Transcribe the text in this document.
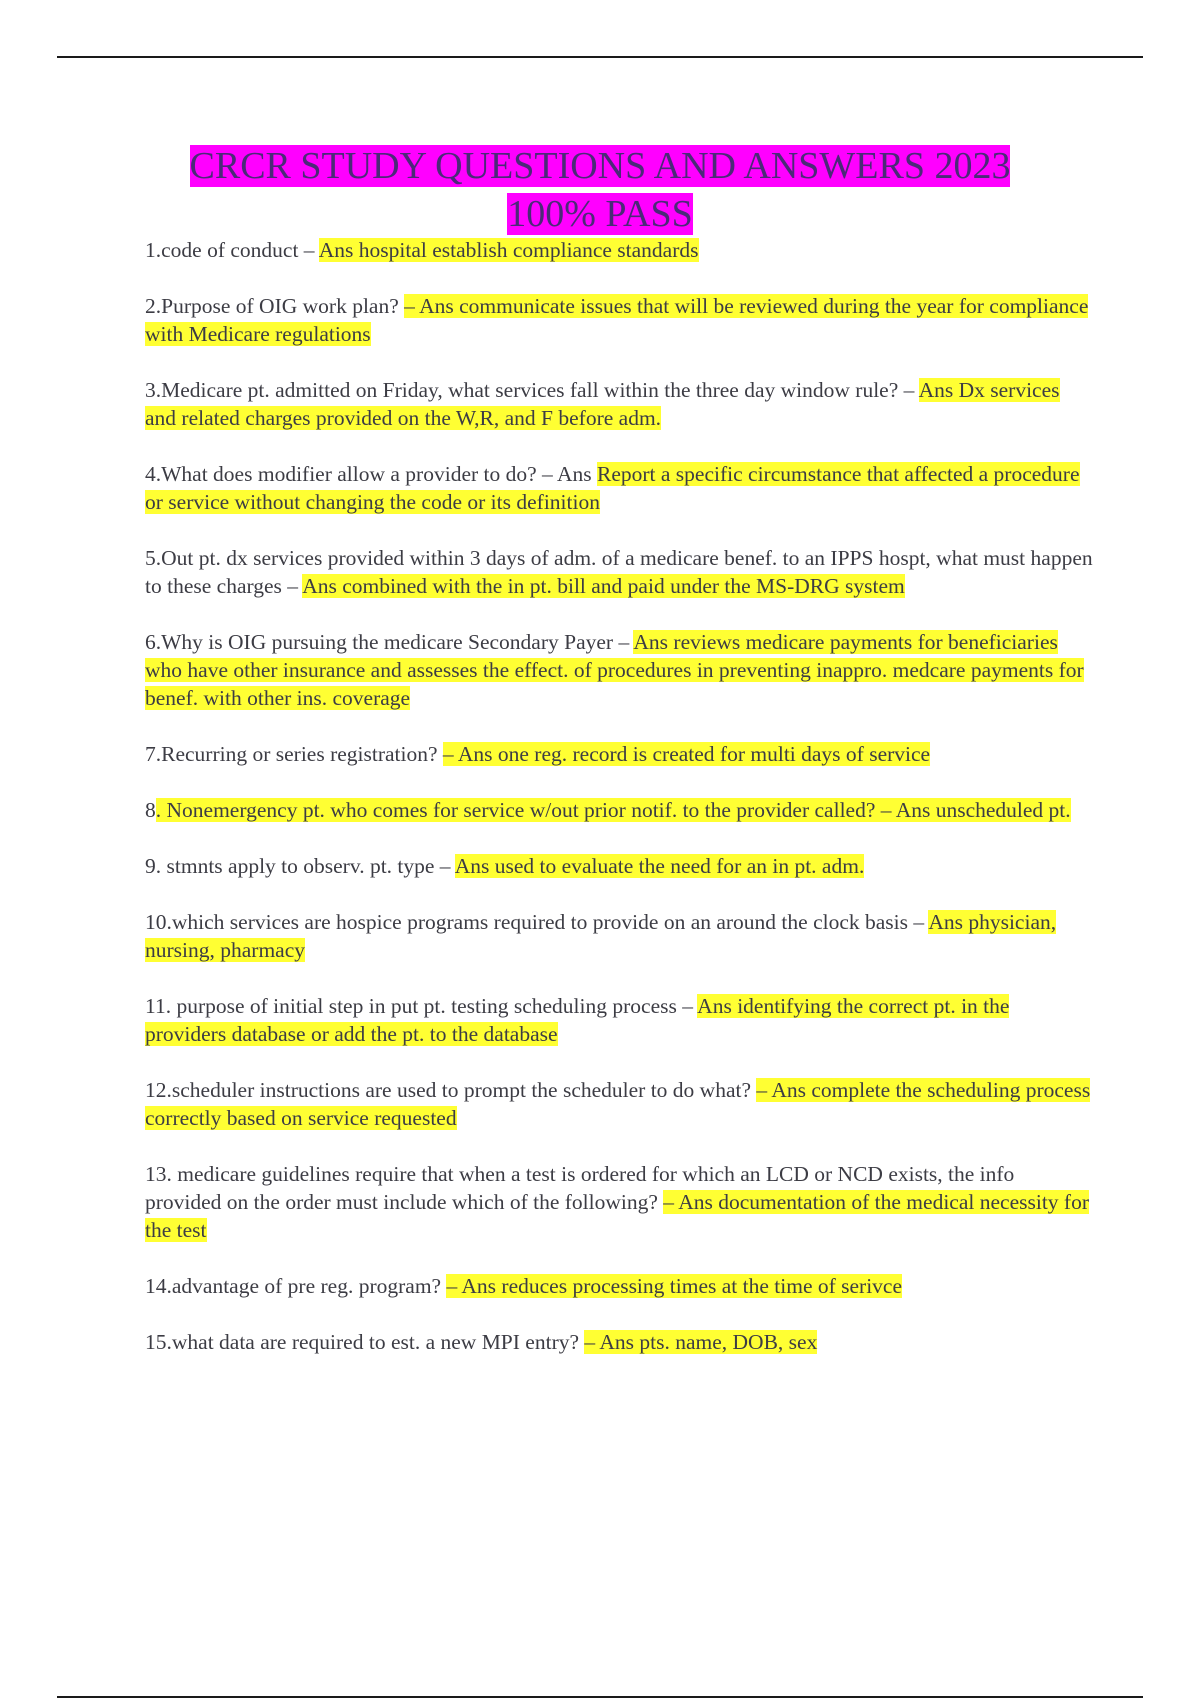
CRCR STUDY QUESTIONS AND ANSWERS 2023
100% PASS

1.code of conduct – Ans hospital establish compliance standards

2.Purpose of OIG work plan? – Ans communicate issues that will be reviewed during the year for compliance with Medicare regulations

3.Medicare pt. admitted on Friday, what services fall within the three day window rule? – Ans Dx services and related charges provided on the W,R, and F before adm.

4.What does modifier allow a provider to do? – Ans Report a specific circumstance that affected a procedure or service without changing the code or its definition

5.Out pt. dx services provided within 3 days of adm. of a medicare benef. to an IPPS hospt, what must happen to these charges – Ans combined with the in pt. bill and paid under the MS-DRG system

6.Why is OIG pursuing the medicare Secondary Payer – Ans reviews medicare payments for beneficiaries who have other insurance and assesses the effect. of procedures in preventing inappro. medcare payments for benef. with other ins. coverage

7.Recurring or series registration? – Ans one reg. record is created for multi days of service

8. Nonemergency pt. who comes for service w/out prior notif. to the provider called? – Ans unscheduled pt.

9. stmnts apply to observ. pt. type – Ans used to evaluate the need for an in pt. adm.

10.which services are hospice programs required to provide on an around the clock basis – Ans physician, nursing, pharmacy

11. purpose of initial step in put pt. testing scheduling process – Ans identifying the correct pt. in the providers database or add the pt. to the database

12.scheduler instructions are used to prompt the scheduler to do what? – Ans complete the scheduling process correctly based on service requested

13. medicare guidelines require that when a test is ordered for which an LCD or NCD exists, the info provided on the order must include which of the following? – Ans documentation of the medical necessity for the test

14.advantage of pre reg. program? – Ans reduces processing times at the time of serivce

15.what data are required to est. a new MPI entry? – Ans pts. name, DOB, sex
